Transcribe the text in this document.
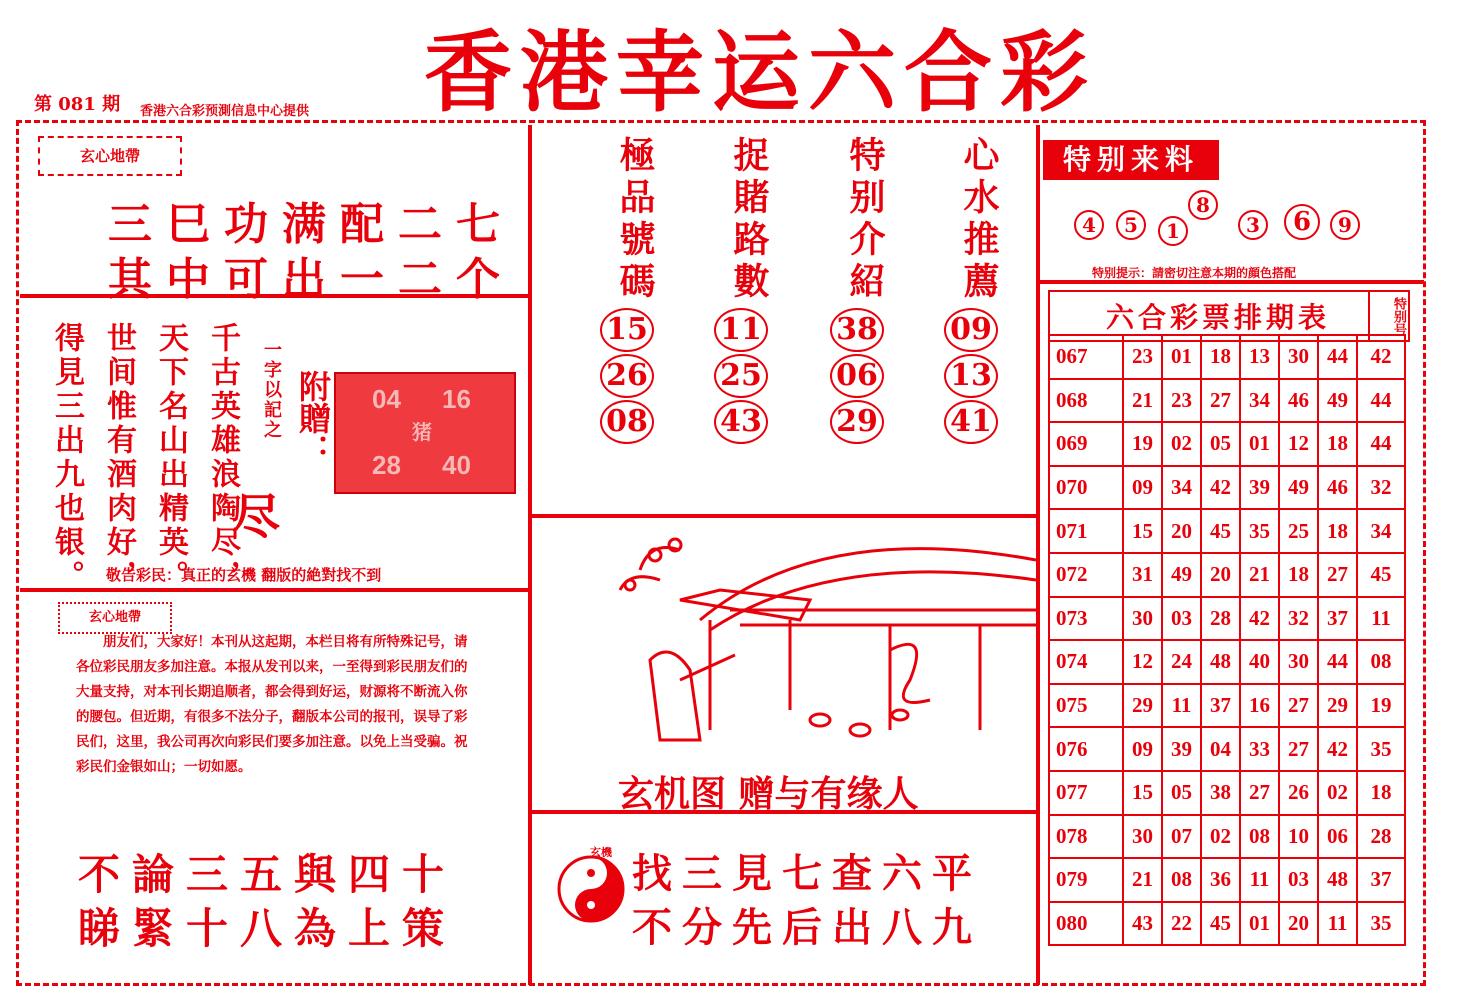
香港幸运六合彩
第 081 期 香港六合彩预測信息中心提供
玄心地帶
三巳功满配二七
其中可出一二个
千古英雄浪陶尽，
天下名山出精英。
世间惟有酒肉好，
得見三出九也银。	一字以記之 附贈：
尽
04 16
猪
28 40
敬告彩民：真正的玄機 翻版的絶對找不到
玄心地帶
朋友们，大家好！本刊从这起期，本栏目将有所特殊记号，请各位彩民朋友多加注意。本报从发刊以来，一至得到彩民朋友们的大量支持，对本刊长期追顺者，都会得到好运，财源将不断流入你的腰包。但近期，有很多不法分子，翻版本公司的报刊，误导了彩民们，这里，我公司再次向彩民们要多加注意。以免上当受骗。祝彩民们金银如山；一切如愿。
不論三五與四十
睇緊十八為上策
極品號碼
15
26
08
捉賭路數
11
25
43
特别介紹
38
06
29
心水推薦
09
13
41
玄机图 赠与有缘人
玄機 找三見七查六平
不分先后出八九
特别来料
4	5	1
8
3	6	9
特别提示：請密切注意本期的顔色搭配
六合彩票排期表	特别号
067	23	01	18	13	30	44	42
068	21	23	27	34	46	49	44
069	19	02	05	01	12	18	44
070	09	34	42	39	49	46	32
071	15	20	45	35	25	18	34
072	31	49	20	21	18	27	45
073	30	03	28	42	32	37	11
074	12	24	48	40	30	44	08
075	29	11	37	16	27	29	19
076	09	39	04	33	27	42	35
077	15	05	38	27	26	02	18
078	30	07	02	08	10	06	28
079	21	08	36	11	03	48	37
080	43	22	45	01	20	11	35
